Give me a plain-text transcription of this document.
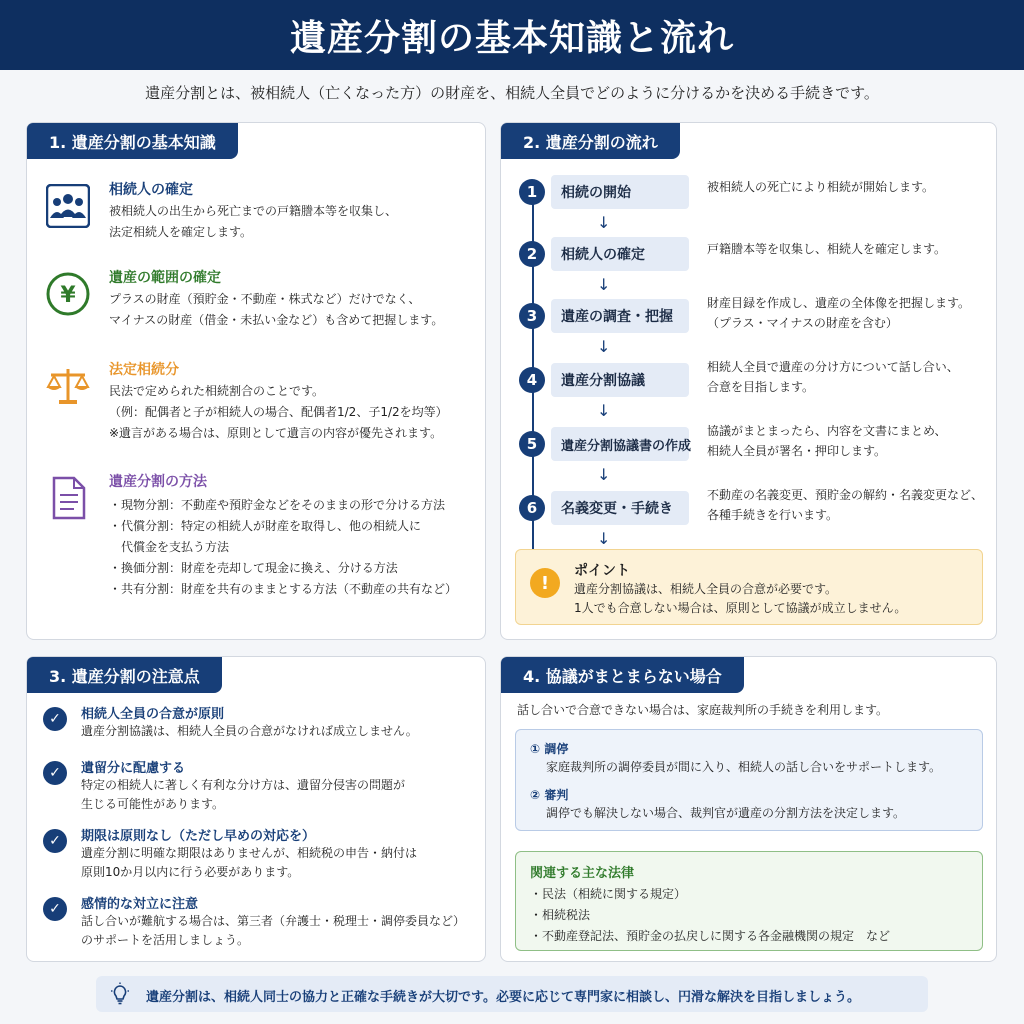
遺産分割の基本知識と流れ
遺産分割とは、被相続人（亡くなった方）の財産を、相続人全員でどのように分けるかを決める手続きです。
1. 遺産分割の基本知識
相続人の確定
被相続人の出生から死亡までの戸籍謄本等を収集し、
法定相続人を確定します。
¥
遺産の範囲の確定
プラスの財産（預貯金・不動産・株式など）だけでなく、
マイナスの財産（借金・未払い金など）も含めて把握します。
法定相続分
民法で定められた相続割合のことです。
（例：配偶者と子が相続人の場合、配偶者1/2、子1/2を均等）
※遺言がある場合は、原則として遺言の内容が優先されます。
遺産分割の方法
・現物分割：不動産や預貯金などをそのままの形で分ける方法
・代償分割：特定の相続人が財産を取得し、他の相続人に
　代償金を支払う方法
・換価分割：財産を売却して現金に換え、分ける方法
・共有分割：財産を共有のままとする方法（不動産の共有など）
2. 遺産分割の流れ
1	相続の開始	被相続人の死亡により相続が開始します。
↓
2	相続人の確定	戸籍謄本等を収集し、相続人を確定します。
↓
3	遺産の調査・把握
財産目録を作成し、遺産の全体像を把握します。
（プラス・マイナスの財産を含む）
↓
4	遺産分割協議
相続人全員で遺産の分け方について話し合い、
合意を目指します。
↓
5	遺産分割協議書の作成
協議がまとまったら、内容を文書にまとめ、
相続人全員が署名・押印します。
↓
6	名義変更・手続き
不動産の名義変更、預貯金の解約・名義変更など、
各種手続きを行います。
↓
!
ポイント
遺産分割協議は、相続人全員の合意が必要です。
1人でも合意しない場合は、原則として協議が成立しません。
3. 遺産分割の注意点
✓	相続人全員の合意が原則
遺産分割協議は、相続人全員の合意がなければ成立しません。
✓	遺留分に配慮する
特定の相続人に著しく有利な分け方は、遺留分侵害の問題が
生じる可能性があります。
✓	期限は原則なし（ただし早めの対応を）
遺産分割に明確な期限はありませんが、相続税の申告・納付は
原則10か月以内に行う必要があります。
✓	感情的な対立に注意
話し合いが難航する場合は、第三者（弁護士・税理士・調停委員など）
のサポートを活用しましょう。
4. 協議がまとまらない場合
話し合いで合意できない場合は、家庭裁判所の手続きを利用します。
① 調停
家庭裁判所の調停委員が間に入り、相続人の話し合いをサポートします。
② 審判
調停でも解決しない場合、裁判官が遺産の分割方法を決定します。
関連する主な法律
・民法（相続に関する規定）
・相続税法
・不動産登記法、預貯金の払戻しに関する各金融機関の規定　など
遺産分割は、相続人同士の協力と正確な手続きが大切です。必要に応じて専門家に相談し、円滑な解決を目指しましょう。
